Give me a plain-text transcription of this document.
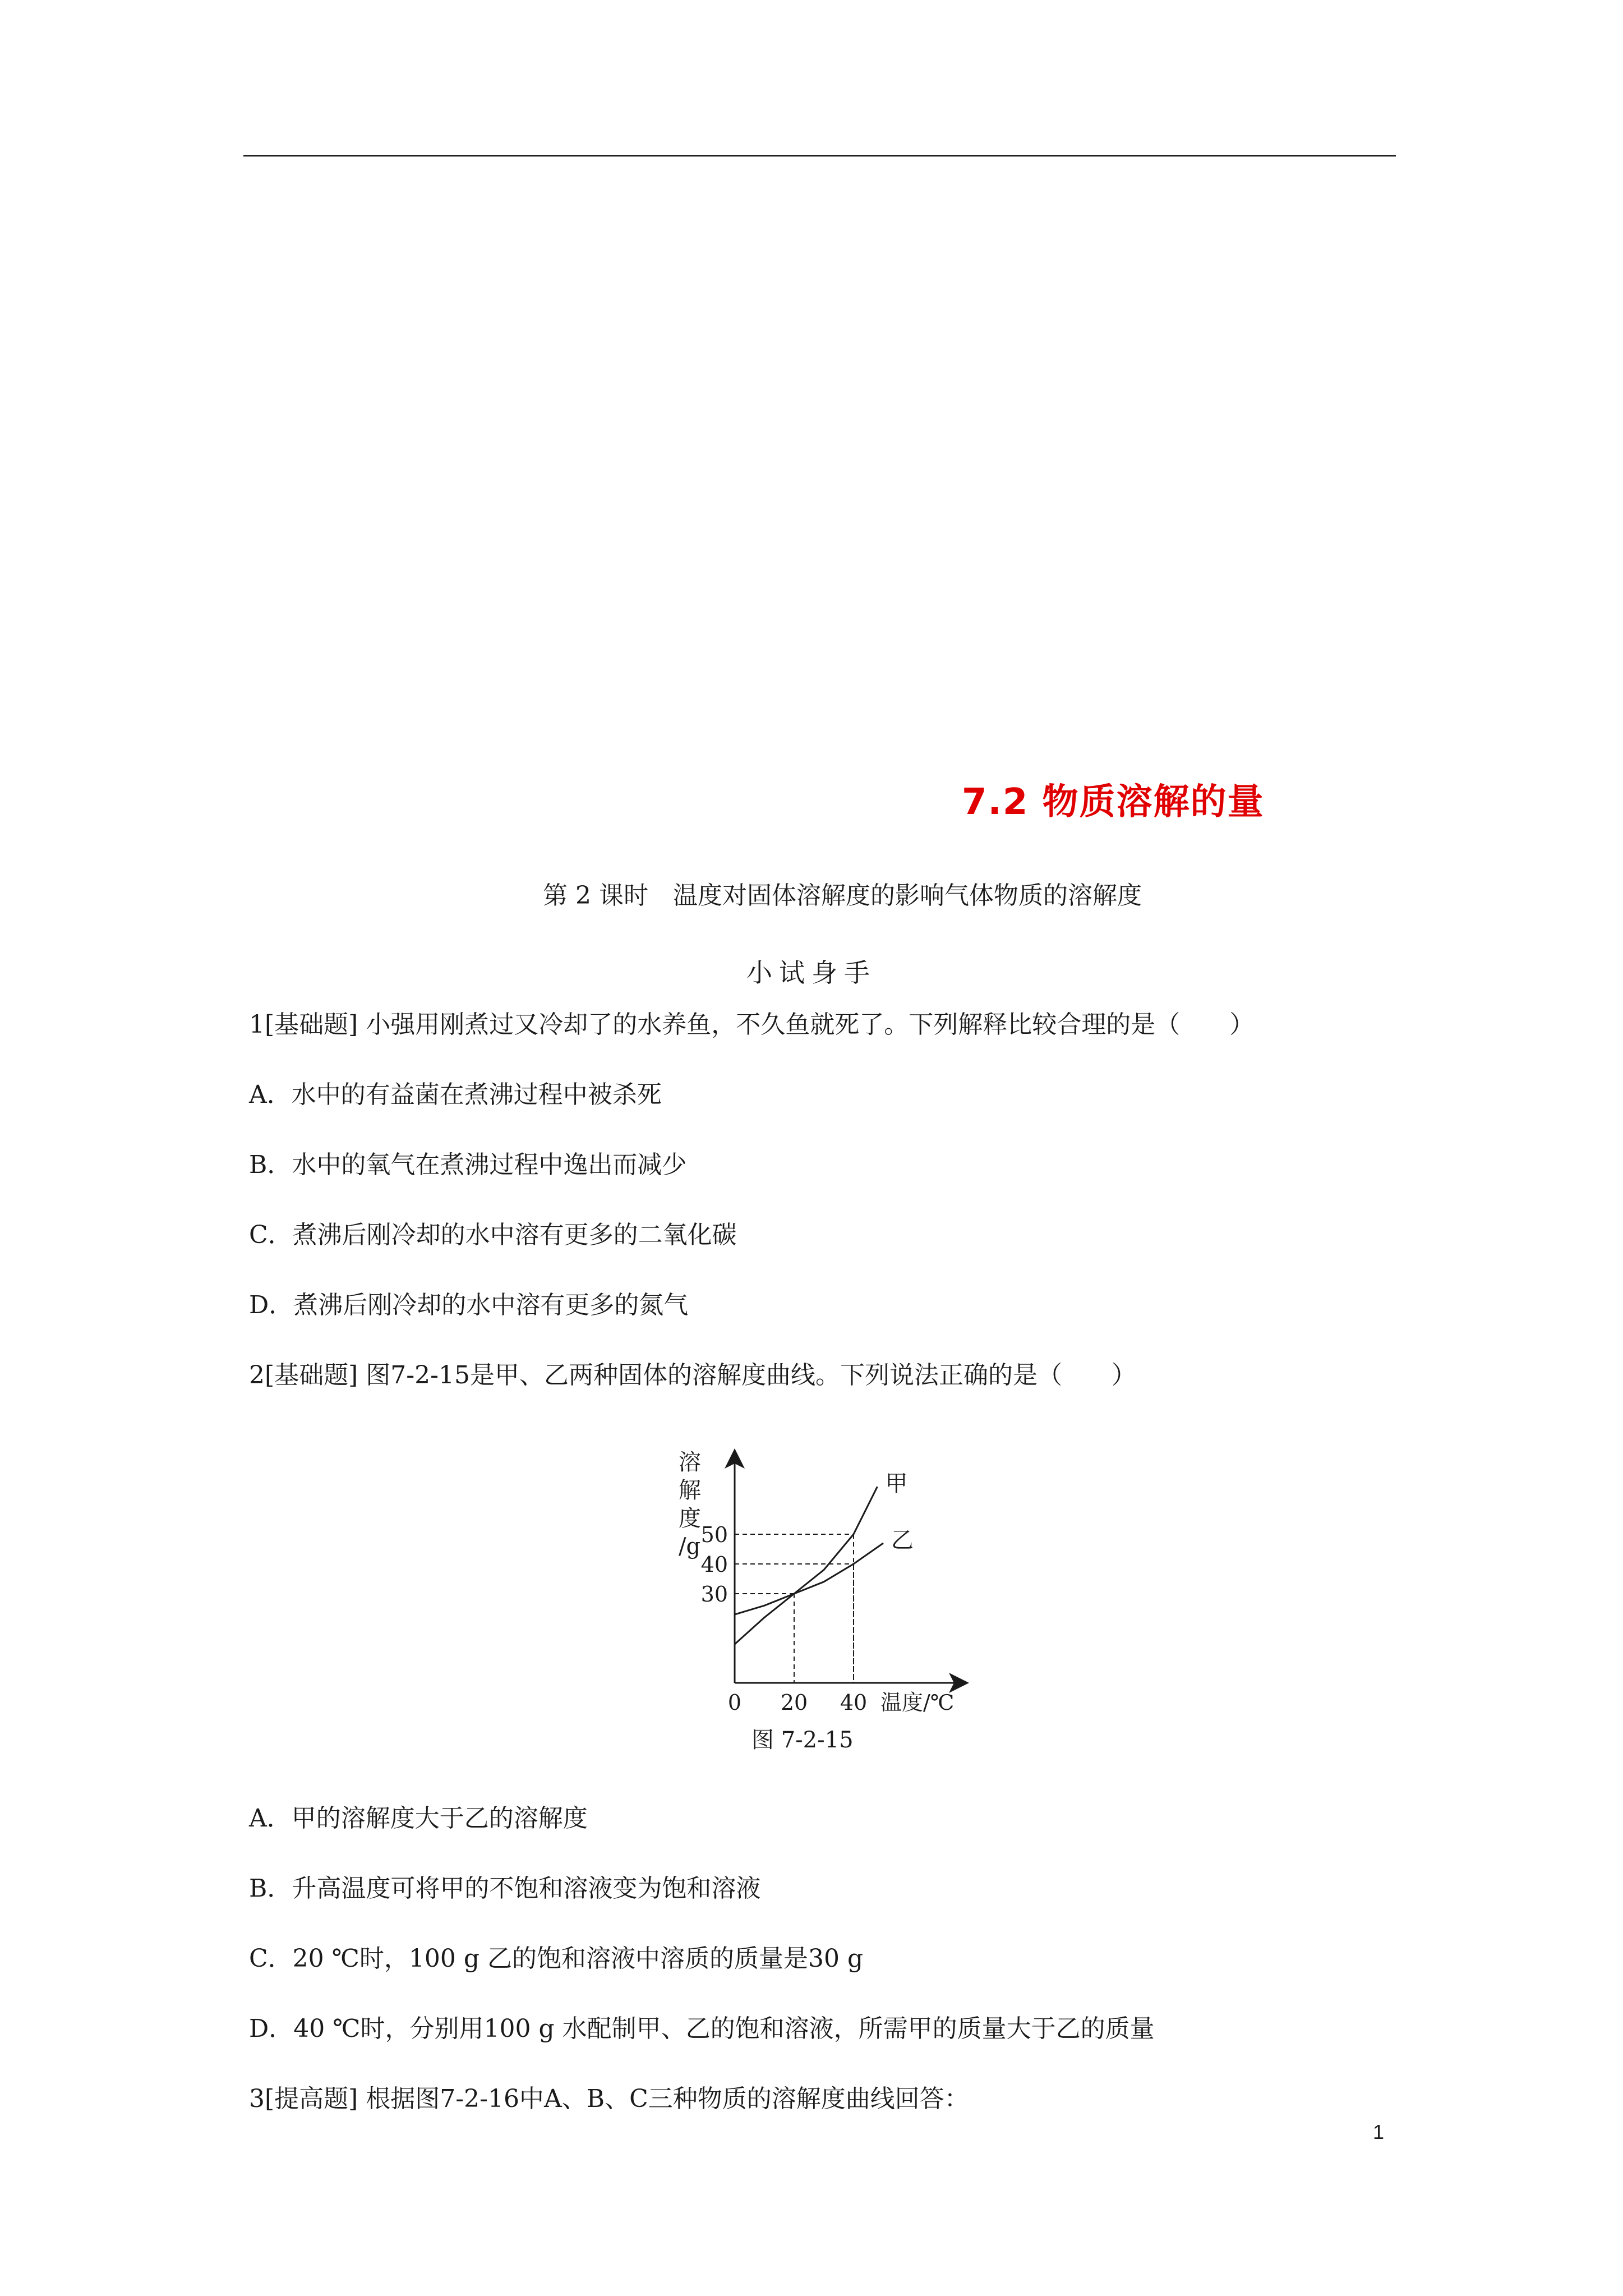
7.2 物质溶解的量
第 2 课时　温度对固体溶解度的影响气体物质的溶解度
小试身手
1[基础题] 小强用刚煮过又冷却了的水养鱼，不久鱼就死了。下列解释比较合理的是（　　）
A．水中的有益菌在煮沸过程中被杀死
B．水中的氧气在煮沸过程中逸出而减少
C．煮沸后刚冷却的水中溶有更多的二氧化碳
D．煮沸后刚冷却的水中溶有更多的氮气
2[基础题] 图7-2-15是甲、乙两种固体的溶解度曲线。下列说法正确的是（　　）
甲
乙
30
40
50
20 40
0	温度/℃
溶
解
度
/g
图 7-2-15
A．甲的溶解度大于乙的溶解度
B．升高温度可将甲的不饱和溶液变为饱和溶液
C．20 ℃时，100 g 乙的饱和溶液中溶质的质量是30 g
D．40 ℃时，分别用100 g 水配制甲、乙的饱和溶液，所需甲的质量大于乙的质量
3[提高题] 根据图7-2-16中A、B、C三种物质的溶解度曲线回答：
1
